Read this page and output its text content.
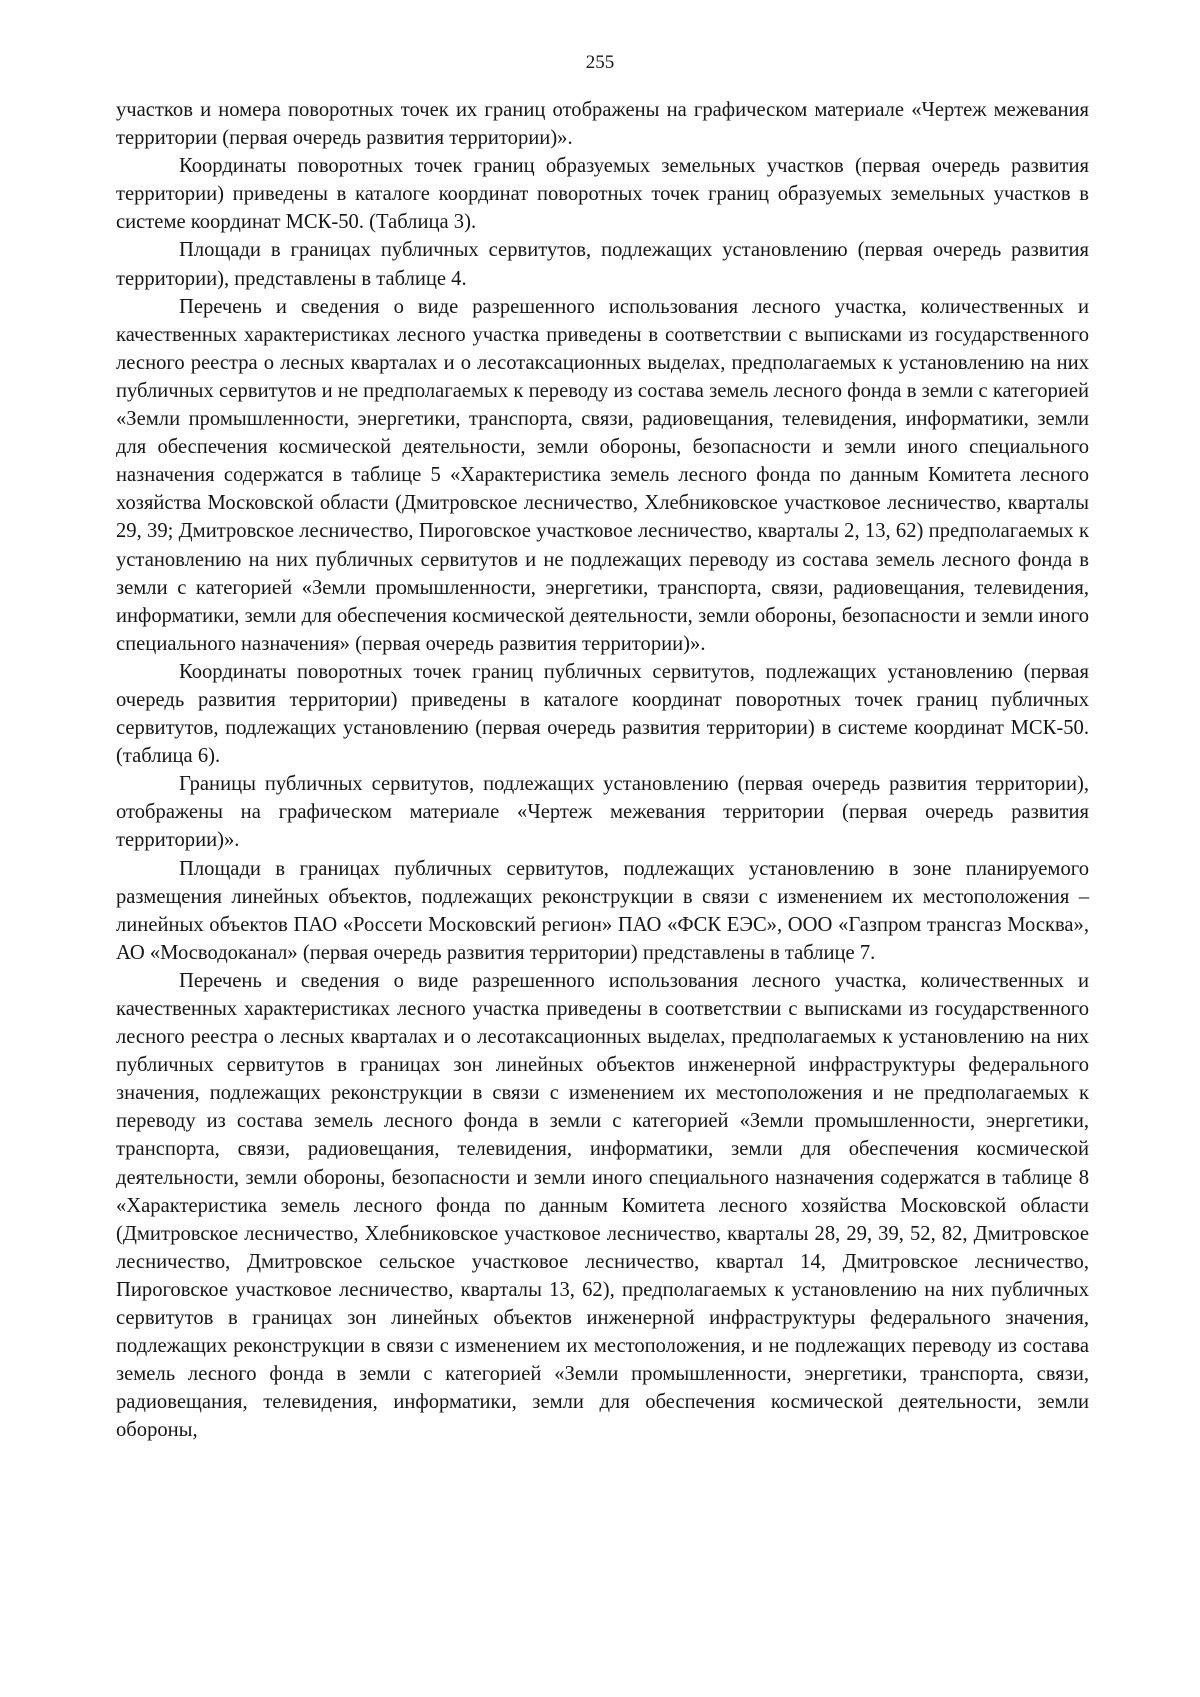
255

участков и номера поворотных точек их границ отображены на графическом материале «Чертеж межевания территории (первая очередь развития территории)».

Координаты поворотных точек границ образуемых земельных участков (первая очередь развития территории) приведены в каталоге координат поворотных точек границ образуемых земельных участков в системе координат МСК-50. (Таблица 3).

Площади в границах публичных сервитутов, подлежащих установлению (первая очередь развития территории), представлены в таблице 4.

Перечень и сведения о виде разрешенного использования лесного участка, количественных и качественных характеристиках лесного участка приведены в соответствии с выписками из государственного лесного реестра о лесных кварталах и о лесотаксационных выделах, предполагаемых к установлению на них публичных сервитутов и не предполагаемых к переводу из состава земель лесного фонда в земли с категорией «Земли промышленности, энергетики, транспорта, связи, радиовещания, телевидения, информатики, земли для обеспечения космической деятельности, земли обороны, безопасности и земли иного специального назначения содержатся в таблице 5 «Характеристика земель лесного фонда по данным Комитета лесного хозяйства Московской области (Дмитровское лесничество, Хлебниковское участковое лесничество, кварталы 29, 39; Дмитровское лесничество, Пироговское участковое лесничество, кварталы 2, 13, 62) предполагаемых к установлению на них публичных сервитутов и не подлежащих переводу из состава земель лесного фонда в земли с категорией «Земли промышленности, энергетики, транспорта, связи, радиовещания, телевидения, информатики, земли для обеспечения космической деятельности, земли обороны, безопасности и земли иного специального назначения» (первая очередь развития территории)».

Координаты поворотных точек границ публичных сервитутов, подлежащих установлению (первая очередь развития территории) приведены в каталоге координат поворотных точек границ публичных сервитутов, подлежащих установлению (первая очередь развития территории) в системе координат МСК-50. (таблица 6).

Границы публичных сервитутов, подлежащих установлению (первая очередь развития территории), отображены на графическом материале «Чертеж межевания территории (первая очередь развития территории)».

Площади в границах публичных сервитутов, подлежащих установлению в зоне планируемого размещения линейных объектов, подлежащих реконструкции в связи с изменением их местоположения – линейных объектов ПАО «Россети Московский регион» ПАО «ФСК ЕЭС», ООО «Газпром трансгаз Москва», АО «Мосводоканал» (первая очередь развития территории) представлены в таблице 7.

Перечень и сведения о виде разрешенного использования лесного участка, количественных и качественных характеристиках лесного участка приведены в соответствии с выписками из государственного лесного реестра о лесных кварталах и о лесотаксационных выделах, предполагаемых к установлению на них публичных сервитутов в границах зон линейных объектов инженерной инфраструктуры федерального значения, подлежащих реконструкции в связи с изменением их местоположения и не предполагаемых к переводу из состава земель лесного фонда в земли с категорией «Земли промышленности, энергетики, транспорта, связи, радиовещания, телевидения, информатики, земли для обеспечения космической деятельности, земли обороны, безопасности и земли иного специального назначения содержатся в таблице 8 «Характеристика земель лесного фонда по данным Комитета лесного хозяйства Московской области (Дмитровское лесничество, Хлебниковское участковое лесничество, кварталы 28, 29, 39, 52, 82, Дмитровское лесничество, Дмитровское сельское участковое лесничество, квартал 14, Дмитровское лесничество, Пироговское участковое лесничество, кварталы 13, 62), предполагаемых к установлению на них публичных сервитутов в границах зон линейных объектов инженерной инфраструктуры федерального значения, подлежащих реконструкции в связи с изменением их местоположения, и не подлежащих переводу из состава земель лесного фонда в земли с категорией «Земли промышленности, энергетики, транспорта, связи, радиовещания, телевидения, информатики, земли для обеспечения космической деятельности, земли обороны,
